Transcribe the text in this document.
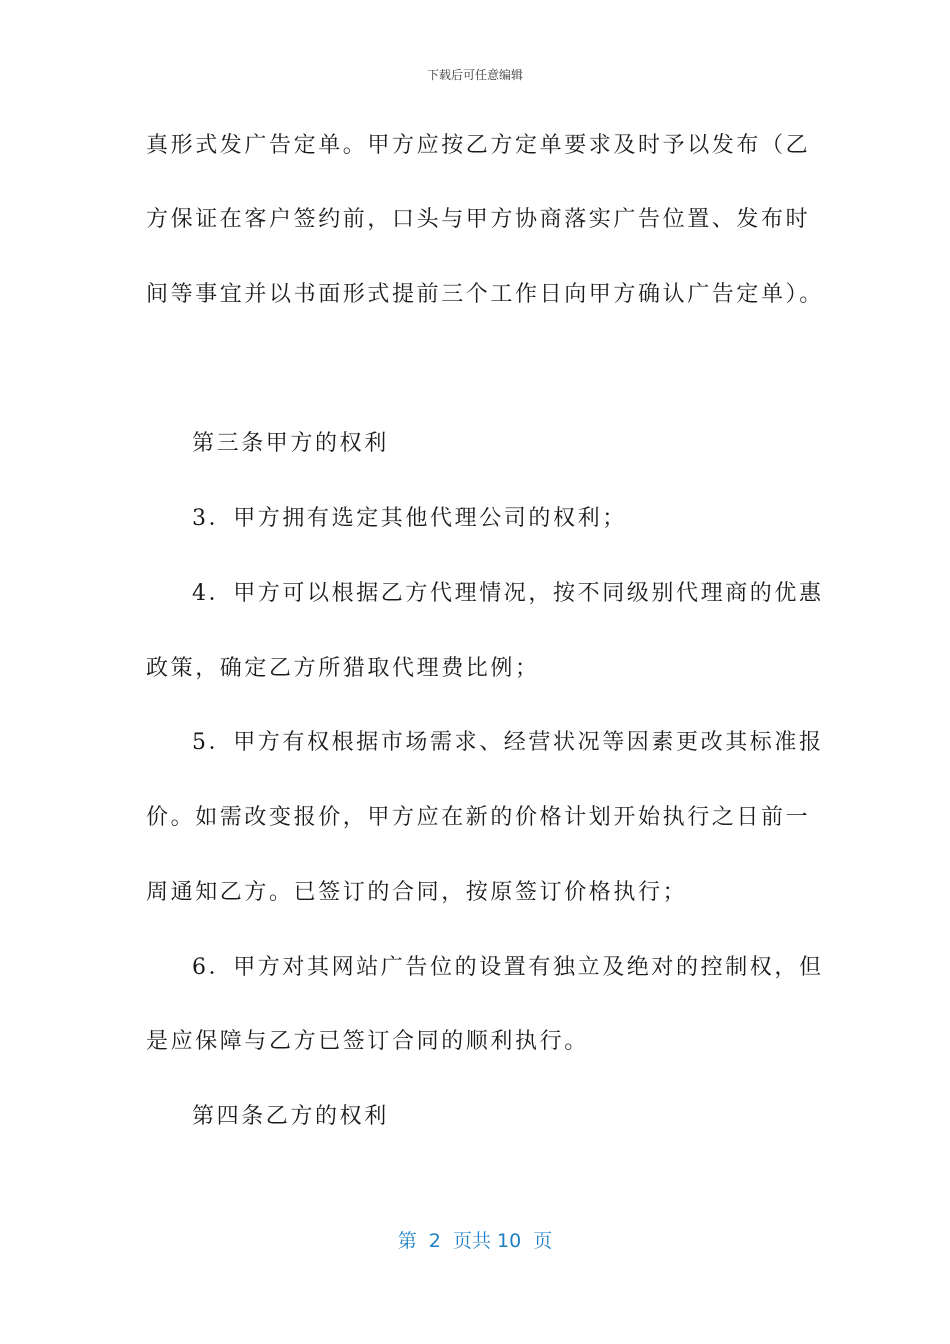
下载后可任意编辑
真形式发广告定单。甲方应按乙方定单要求及时予以发布（乙
方保证在客户签约前，口头与甲方协商落实广告位置、发布时
间等事宜并以书面形式提前三个工作日向甲方确认广告定单）。
第三条甲方的权利
3．甲方拥有选定其他代理公司的权利；
4．甲方可以根据乙方代理情况，按不同级别代理商的优惠
政策，确定乙方所猎取代理费比例；
5．甲方有权根据市场需求、经营状况等因素更改其标准报
价。如需改变报价，甲方应在新的价格计划开始执行之日前一
周通知乙方。已签订的合同，按原签订价格执行；
6．甲方对其网站广告位的设置有独立及绝对的控制权，但
是应保障与乙方已签订合同的顺利执行。
第四条乙方的权利
第  2  页共 10  页
